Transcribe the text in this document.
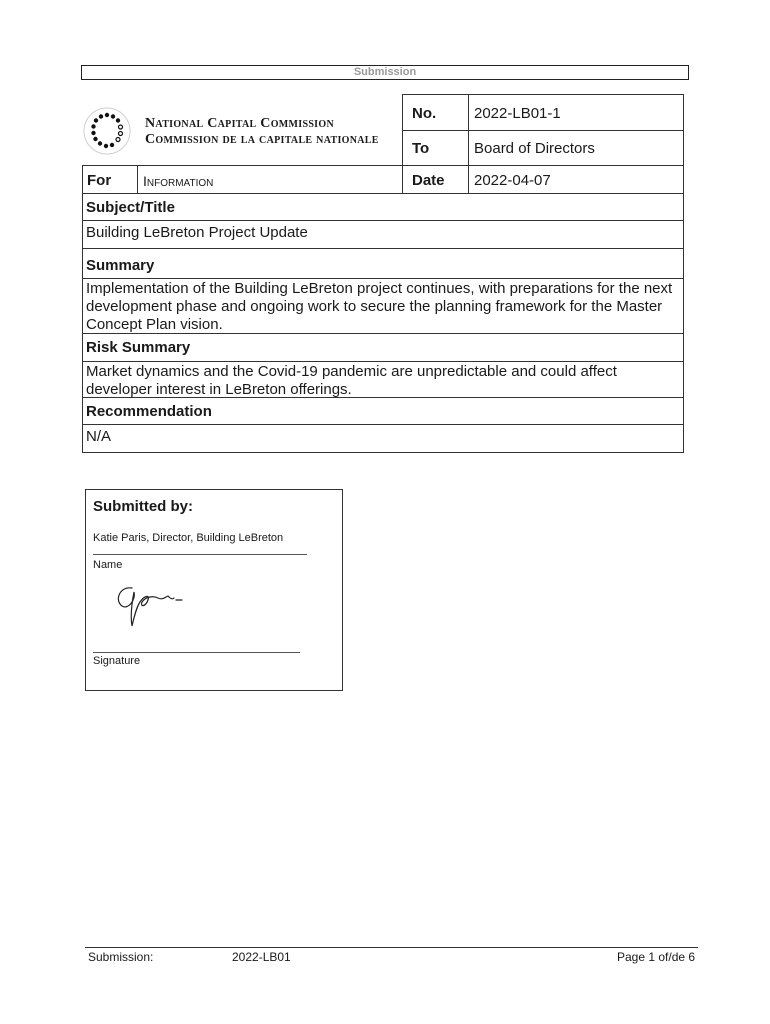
Submission
National Capital Commission
Commission de la capitale nationale
No.	2022-LB01-1
To	Board of Directors
For Information	Date 2022-04-07
Subject/Title
Building LeBreton Project Update
Summary
Implementation of the Building LeBreton project continues, with preparations for the next development phase and ongoing work to secure the planning framework for the Master Concept Plan vision.
Risk Summary
Market dynamics and the Covid-19 pandemic are unpredictable and could affect developer interest in LeBreton offerings.
Recommendation
N/A
Submitted by:
Katie Paris, Director, Building LeBreton
Name
Signature
Submission:	2022-LB01	Page 1 of/de 6
